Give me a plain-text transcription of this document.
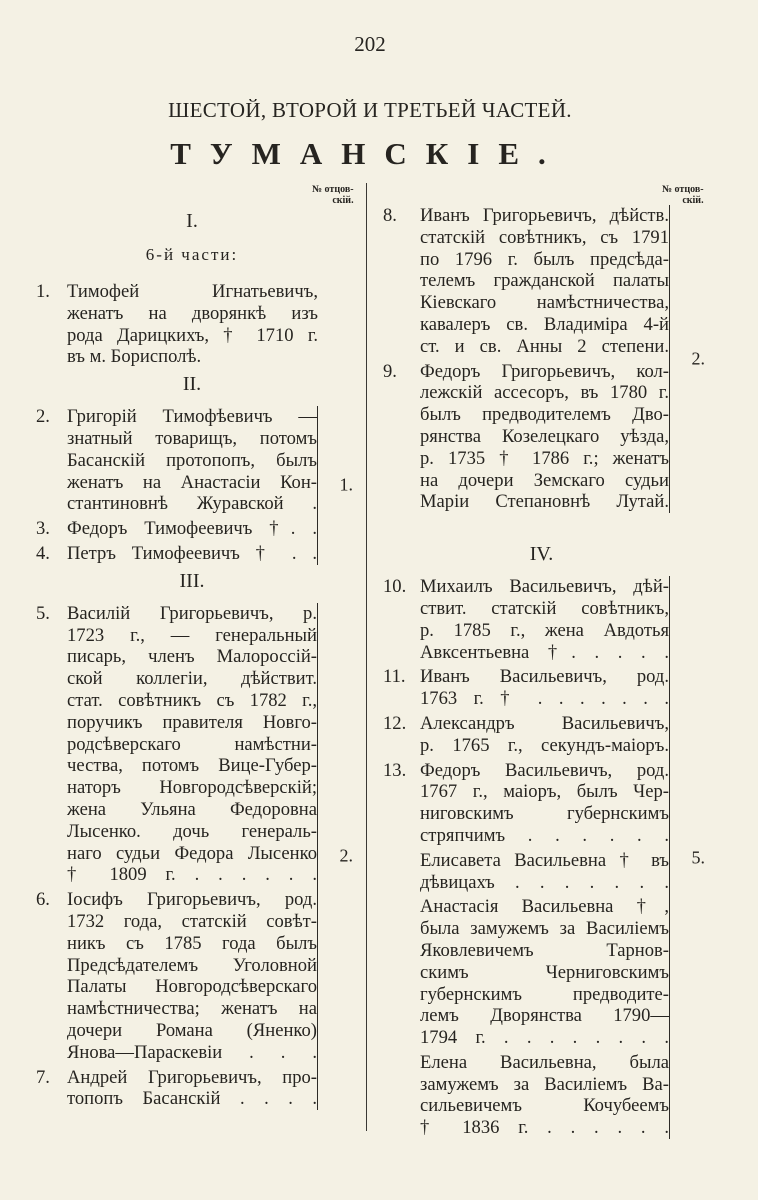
202
ШЕСТОЙ, ВТОРОЙ И ТРЕТЬЕЙ ЧАСТЕЙ.
ТУМАНСКІЕ.
№ отцов-
скій.
№ отцов-
скій.
I.
6-й части:
1. Тимофей Игнатьевичъ,
женатъ на дворянкѣ изъ
рода Дарицкихъ, † 1710 г.
въ м. Борисполѣ.
II.
2. Григорій Тимофѣевичъ —
знатный товарищъ, потомъ
Басанскій протопопъ, былъ
женатъ на Анастасіи Кон-
стантиновнѣ Журавской .
3. Федоръ Тимофеевичъ †. .
4. Петръ Тимофеевичъ † . .
1.
III.
5. Василій Григорьевичъ, р.
1723 г., — генеральный
писарь, членъ Малороссій-
ской коллегіи, дѣйствит.
стат. совѣтникъ съ 1782 г.,
поручикъ правителя Новго-
родсѣверскаго намѣстни-
чества, потомъ Вице-Губер-
наторъ Новгородсѣверскій;
жена Ульяна Федоровна
Лысенко. дочь генераль-
наго судьи Федора Лысенко
† 1809 г. . . . . . .
6. Іосифъ Григорьевичъ, род.
1732 года, статскій совѣт-
никъ съ 1785 года былъ
Предсѣдателемъ Уголовной
Палаты Новгородсѣверскаго
намѣстничества; женатъ на
дочери Романа (Яненко)
Янова—Параскевіи . . .
7. Андрей Григорьевичъ, про-
топопъ Басанскій . . . .
2.
8.	Иванъ Григорьевичъ, дѣйств.
статскій совѣтникъ, съ 1791
по 1796 г. былъ предсѣда-
телемъ гражданской палаты
Кіевскаго намѣстничества,
кавалеръ св. Владиміра 4-й
ст. и св. Анны 2 степени.
9.	Федоръ Григорьевичъ, кол-
лежскій ассесоръ, въ 1780 г.
былъ предводителемъ Дво-
рянства Козелецкаго уѣзда,
р. 1735 † 1786 г.; женатъ
на дочери Земскаго судьи
Маріи Степановнѣ Лутай.
2.
IV.
10. Михаилъ Васильевичъ, дѣй-
ствит. статскій совѣтникъ,
р. 1785 г., жена Авдотья
Авксентьевна †. . . . .
11. Иванъ Васильевичъ, род.
1763 г. † . . . . . . .
12. Александръ Васильевичъ,
р. 1765 г., секундъ-маіоръ.
13. Федоръ Васильевичъ, род.
1767 г., маіоръ, былъ Чер-
ниговскимъ губернскимъ
стряпчимъ . . . . . .
Елисавета Васильевна † въ
дѣвицахъ . . . . . . .
Анастасія Васильевна †,
была замужемъ за Василіемъ
Яковлевичемъ Тарнов-
скимъ Черниговскимъ
губернскимъ предводите-
лемъ Дворянства 1790—
1794 г. . . . . . . . .
Елена Васильевна, была
замужемъ за Василіемъ Ва-
сильевичемъ Кочубеемъ
† 1836 г. . . . . . .
5.
